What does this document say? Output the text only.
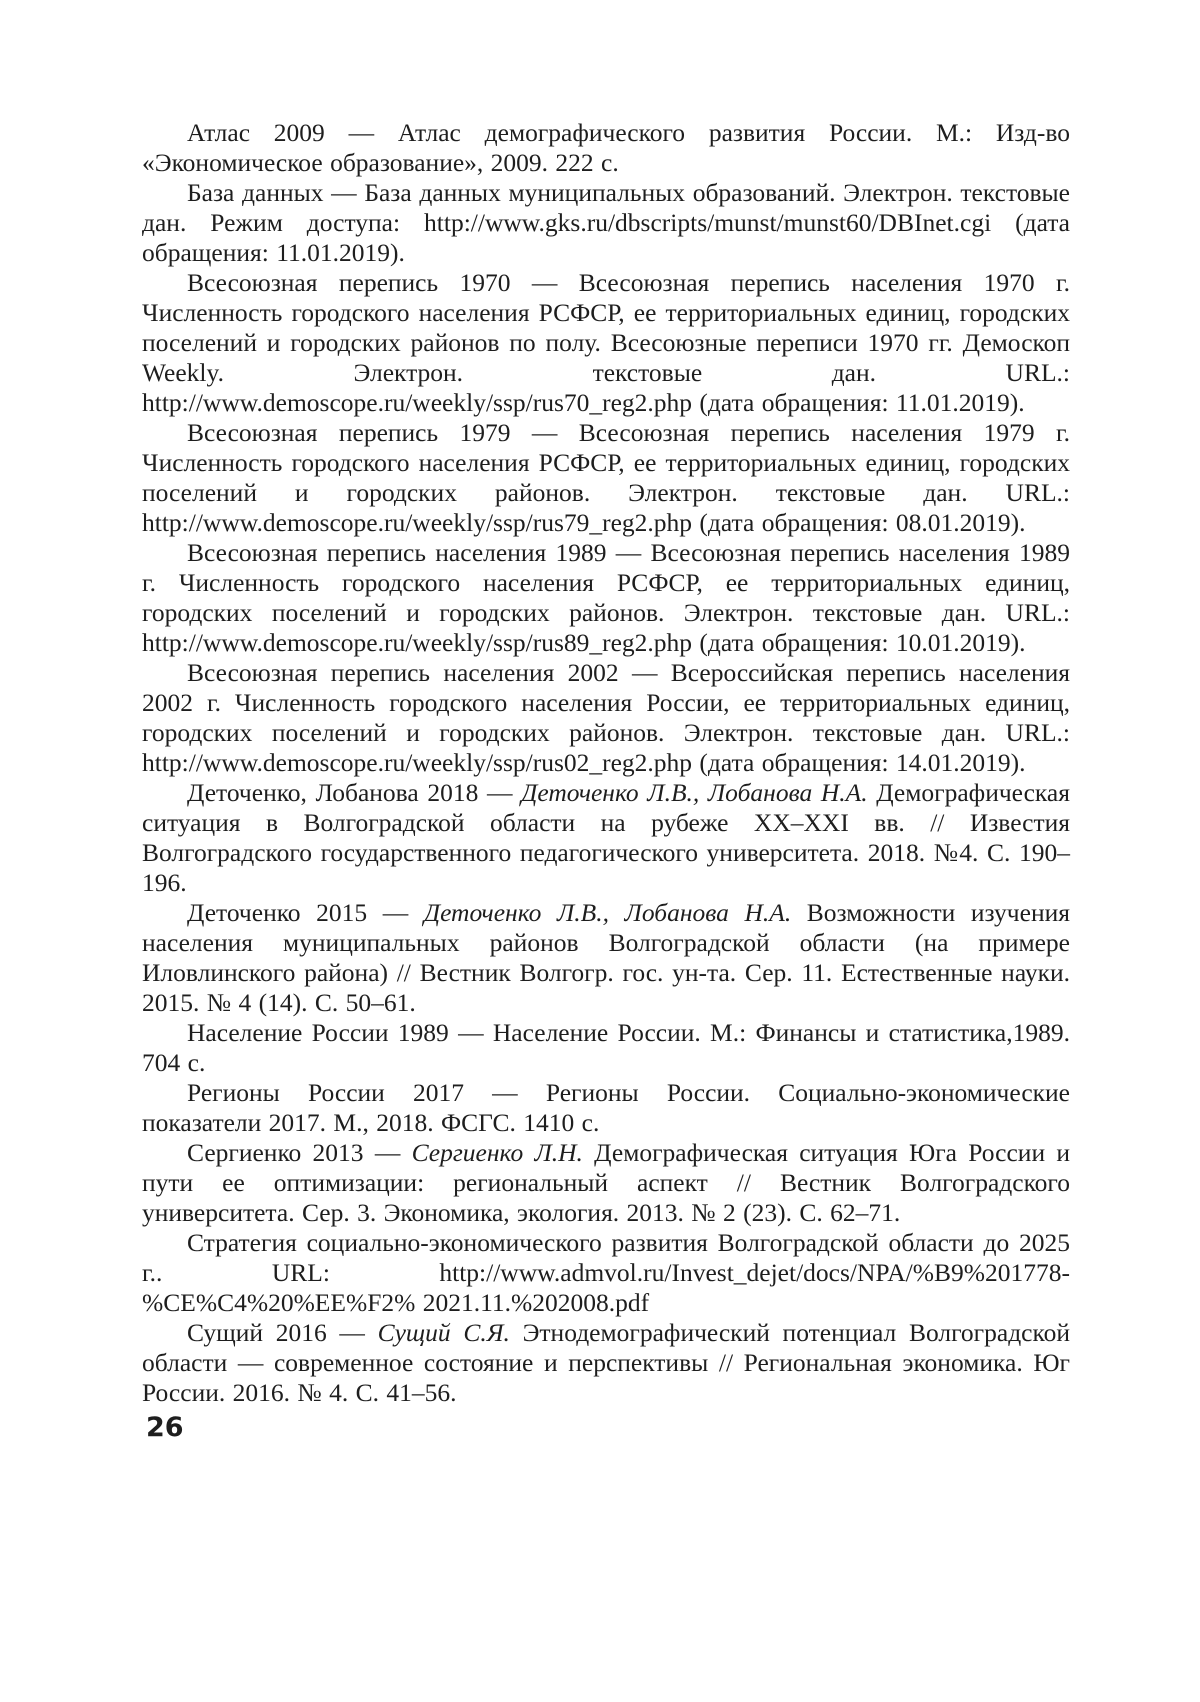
Атлас 2009 — Атлас демографического развития России. М.: Изд-во «Экономическое образование», 2009. 222 с.

База данных — База данных муниципальных образований. Электрон. текстовые дан. Режим доступа: http://www.gks.ru/dbscripts/munst/munst60/DBInet.cgi (дата обращения: 11.01.2019).

Всесоюзная перепись 1970 — Всесоюзная перепись населения 1970 г. Численность городского населения РСФСР, ее территориальных единиц, городских поселений и городских районов по полу. Всесоюзные переписи 1970 гг. Демоскоп Weekly. Электрон. текстовые дан. URL.: http://www.demoscope.ru/weekly/ssp/rus70_reg2.php (дата обращения: 11.01.2019).

Всесоюзная перепись 1979 — Всесоюзная перепись населения 1979 г. Численность городского населения РСФСР, ее территориальных единиц, городских поселений и городских районов. Электрон. текстовые дан. URL.: http://www.demoscope.ru/weekly/ssp/rus79_reg2.php (дата обращения: 08.01.2019).

Всесоюзная перепись населения 1989 — Всесоюзная перепись населения 1989 г. Численность городского населения РСФСР, ее территориальных единиц, городских поселений и городских районов. Электрон. текстовые дан. URL.: http://www.demoscope.ru/weekly/ssp/rus89_reg2.php (дата обращения: 10.01.2019).

Всесоюзная перепись населения 2002 — Всероссийская перепись населения 2002 г. Численность городского населения России, ее территориальных единиц, городских поселений и городских районов. Электрон. текстовые дан. URL.: http://www.demoscope.ru/weekly/ssp/rus02_reg2.php (дата обращения: 14.01.2019).

Деточенко, Лобанова 2018 — Деточенко Л.В., Лобанова Н.А. Демографическая ситуация в Волгоградской области на рубеже XX–XXI вв. // Известия Волгоградского государственного педагогического университета. 2018. №4. С. 190–196.

Деточенко 2015 — Деточенко Л.В., Лобанова Н.А. Возможности изучения населения муниципальных районов Волгоградской области (на примере Иловлинского района) // Вестник Волгогр. гос. ун-та. Сер. 11. Естественные науки. 2015. № 4 (14). С. 50–61.

Население России 1989 — Население России. М.: Финансы и статистика,1989. 704 с.

Регионы России 2017 — Регионы России. Социально-экономические показатели 2017. М., 2018. ФСГС. 1410 с.

Сергиенко 2013 — Сергиенко Л.Н. Демографическая ситуация Юга России и пути ее оптимизации: региональный аспект // Вестник Волгоградского университета. Сер. 3. Экономика, экология. 2013. № 2 (23). С. 62–71.

Стратегия социально-экономического развития Волгоградской области до 2025 г.. URL: http://www.admvol.ru/Invest_dejet/docs/NPA/%B9%201778-%CE%C4%20%EE%F2% 2021.11.%202008.pdf

Сущий 2016 — Сущий С.Я. Этнодемографический потенциал Волгоградской области — современное состояние и перспективы // Региональная экономика. Юг России. 2016. № 4. С. 41–56.

26
